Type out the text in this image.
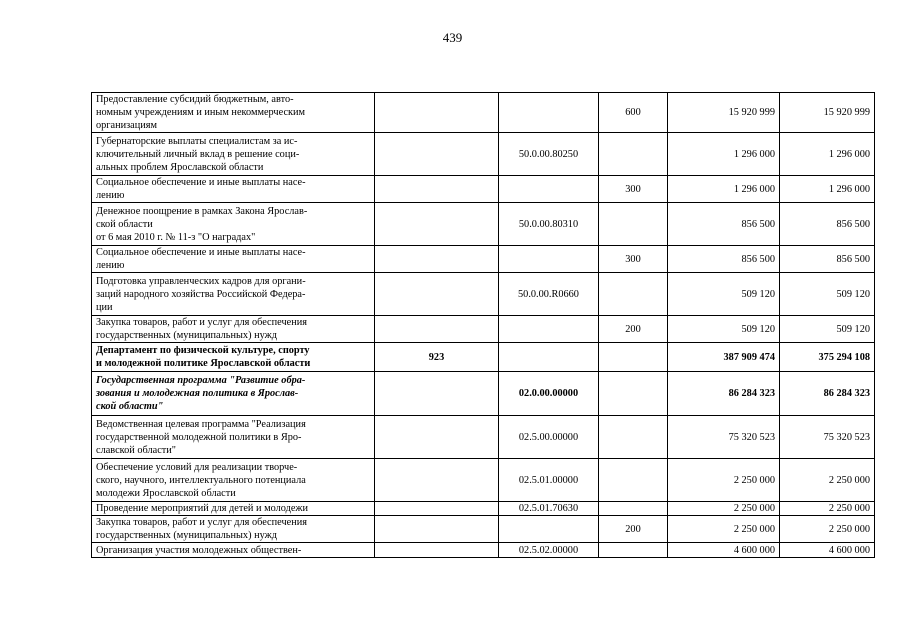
439
Предоставление субсидий бюджетным, авто-
номным учреждениям и иным некоммерческим
организациям			600	15 920 999	15 920 999

Губернаторские выплаты специалистам за ис-
ключительный личный вклад в решение соци-
альных проблем Ярославской области		50.0.00.80250		1 296 000	1 296 000

Социальное обеспечение и иные выплаты насе-
лению			300	1 296 000	1 296 000

Денежное поощрение в рамках Закона Ярослав-
ской области
от 6 мая 2010 г. № 11-з "О наградах"		50.0.00.80310		856 500	856 500

Социальное обеспечение и иные выплаты насе-
лению			300	856 500	856 500

Подготовка управленческих кадров для органи-
заций народного хозяйства Российской Федера-
ции		50.0.00.R0660		509 120	509 120

Закупка товаров, работ и услуг для обеспечения
государственных (муниципальных) нужд			200	509 120	509 120

Департамент по физической культуре, спорту
и молодежной политике Ярославской области	923			387 909 474	375 294 108

Государственная программа "Развитие обра-
зования и молодежная политика в Ярослав-
ской области"		02.0.00.00000		86 284 323	86 284 323

Ведомственная целевая программа "Реализация
государственной молодежной политики в Яро-
славской области"		02.5.00.00000		75 320 523	75 320 523

Обеспечение условий для реализации творче-
ского, научного, интеллектуального потенциала
молодежи Ярославской области		02.5.01.00000		2 250 000	2 250 000

Проведение мероприятий для детей и молодежи		02.5.01.70630		2 250 000	2 250 000

Закупка товаров, работ и услуг для обеспечения
государственных (муниципальных) нужд			200	2 250 000	2 250 000

Организация участия молодежных обществен-		02.5.02.00000		4 600 000	4 600 000
